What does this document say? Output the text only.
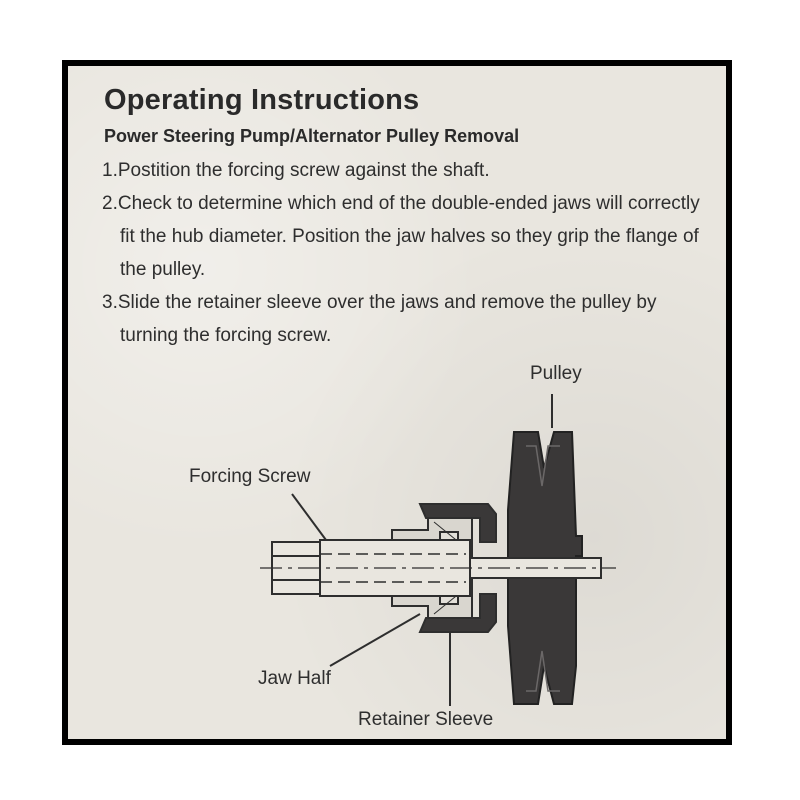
Operating Instructions
Power Steering Pump/Alternator Pulley Removal
1.Postition the forcing screw against the shaft.
2.Check to determine which end of the double-ended jaws will correctly fit the hub diameter. Position the jaw halves so they grip the flange of the pulley.
3.Slide the retainer sleeve over the jaws and remove the pulley by turning the forcing screw.
Pulley
Forcing Screw
Jaw Half
Retainer Sleeve
